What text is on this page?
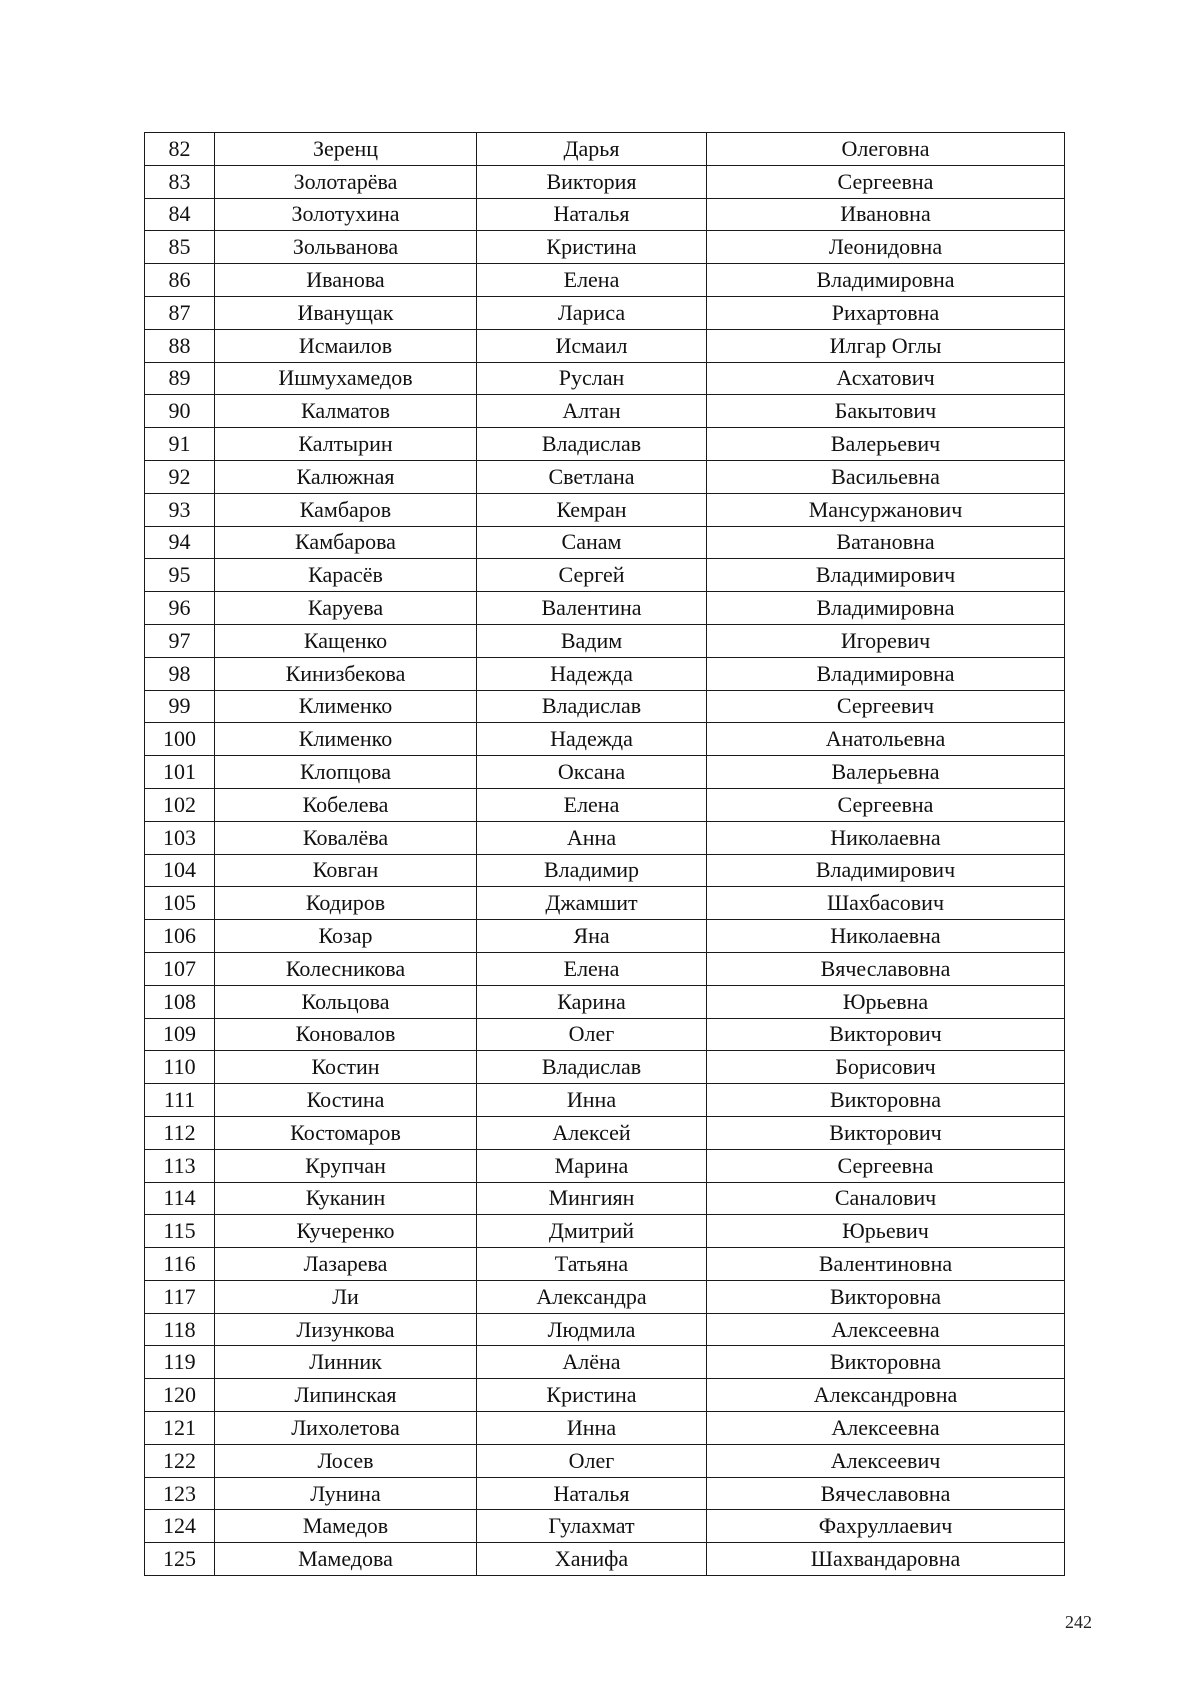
82	Зеренц	Дарья	Олеговна
83	Золотарёва	Виктория	Сергеевна
84	Золотухина	Наталья	Ивановна
85	Зольванова	Кристина	Леонидовна
86	Иванова	Елена	Владимировна
87	Иванущак	Лариса	Рихартовна
88	Исмаилов	Исмаил	Илгар Оглы
89	Ишмухамедов	Руслан	Асхатович
90	Калматов	Алтан	Бакытович
91	Калтырин	Владислав	Валерьевич
92	Калюжная	Светлана	Васильевна
93	Камбаров	Кемран	Мансуржанович
94	Камбарова	Санам	Ватановна
95	Карасёв	Сергей	Владимирович
96	Каруева	Валентина	Владимировна
97	Кащенко	Вадим	Игоревич
98	Кинизбекова	Надежда	Владимировна
99	Клименко	Владислав	Сергеевич
100	Клименко	Надежда	Анатольевна
101	Клопцова	Оксана	Валерьевна
102	Кобелева	Елена	Сергеевна
103	Ковалёва	Анна	Николаевна
104	Ковган	Владимир	Владимирович
105	Кодиров	Джамшит	Шахбасович
106	Козар	Яна	Николаевна
107	Колесникова	Елена	Вячеславовна
108	Кольцова	Карина	Юрьевна
109	Коновалов	Олег	Викторович
110	Костин	Владислав	Борисович
111	Костина	Инна	Викторовна
112	Костомаров	Алексей	Викторович
113	Крупчан	Марина	Сергеевна
114	Куканин	Мингиян	Саналович
115	Кучеренко	Дмитрий	Юрьевич
116	Лазарева	Татьяна	Валентиновна
117	Ли	Александра	Викторовна
118	Лизункова	Людмила	Алексеевна
119	Линник	Алёна	Викторовна
120	Липинская	Кристина	Александровна
121	Лихолетова	Инна	Алексеевна
122	Лосев	Олег	Алексеевич
123	Лунина	Наталья	Вячеславовна
124	Мамедов	Гулахмат	Фахруллаевич
125	Мамедова	Ханифа	Шахвандаровна
242
